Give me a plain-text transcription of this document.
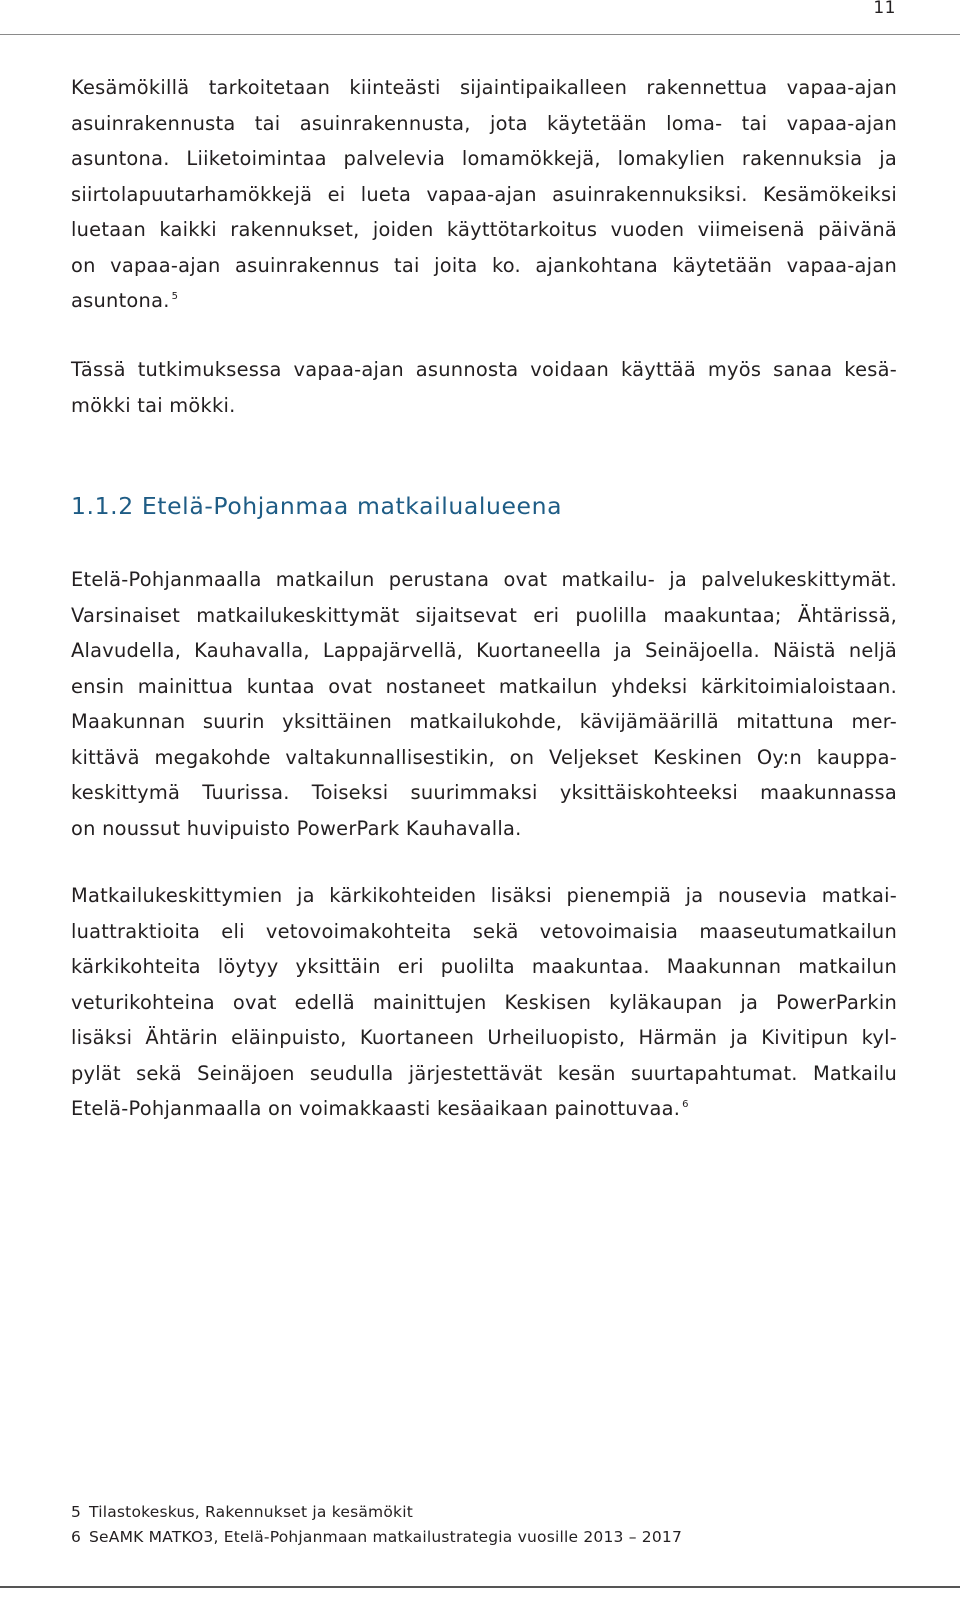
11
Kesämökillä tarkoitetaan kiinteästi sijaintipaikalleen rakennettua vapaa-ajan
asuinrakennusta tai asuinrakennusta, jota käytetään loma- tai vapaa-ajan
asuntona. Liiketoimintaa palvelevia lomamökkejä, lomakylien rakennuksia ja
siirtolapuutarhamökkejä ei lueta vapaa-ajan asuinrakennuksiksi. Kesämökeiksi
luetaan kaikki rakennukset, joiden käyttötarkoitus vuoden viimeisenä päivänä
on vapaa-ajan asuinrakennus tai joita ko. ajankohtana käytetään vapaa-ajan
asuntona. $^5$
Tässä tutkimuksessa vapaa-ajan asunnosta voidaan käyttää myös sanaa kesä-
mökki tai mökki.
1.1.2 Etelä-Pohjanmaa matkailualueena
Etelä-Pohjanmaalla matkailun perustana ovat matkailu- ja palvelukeskittymät.
Varsinaiset matkailukeskittymät sijaitsevat eri puolilla maakuntaa; Ähtärissä,
Alavudella, Kauhavalla, Lappajärvellä, Kuortaneella ja Seinäjoella. Näistä neljä
ensin mainittua kuntaa ovat nostaneet matkailun yhdeksi kärkitoimialoistaan.
Maakunnan suurin yksittäinen matkailukohde, kävijämäärillä mitattuna mer-
kittävä megakohde valtakunnallisestikin, on Veljekset Keskinen Oy:n kauppa-
keskittymä Tuurissa. Toiseksi suurimmaksi yksittäiskohteeksi maakunnassa
on noussut huvipuisto PowerPark Kauhavalla.
Matkailukeskittymien ja kärkikohteiden lisäksi pienempiä ja nousevia matkai-
luattraktioita eli vetovoimakohteita sekä vetovoimaisia maaseutumatkailun
kärkikohteita löytyy yksittäin eri puolilta maakuntaa. Maakunnan matkailun
veturikohteina ovat edellä mainittujen Keskisen kyläkaupan ja PowerParkin
lisäksi Ähtärin eläinpuisto, Kuortaneen Urheiluopisto, Härmän ja Kivitipun kyl-
pylät sekä Seinäjoen seudulla järjestettävät kesän suurtapahtumat. Matkailu
Etelä-Pohjanmaalla on voimakkaasti kesäaikaan painottuvaa. $^6$
5 Tilastokeskus, Rakennukset ja kesämökit
6 SeAMK MATKO3, Etelä-Pohjanmaan matkailustrategia vuosille 2013 – 2017
